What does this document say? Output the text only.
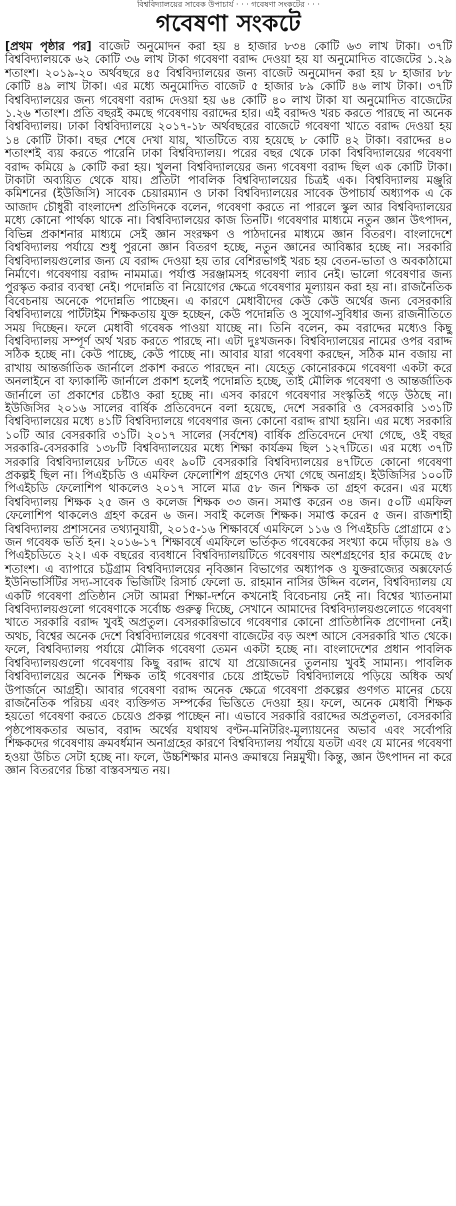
বিশ্ববিদ্যালয়ের সাবেক উপাচার্য · · · গবেষণা সংকটের · · ·
গবেষণা সংকটে

[প্রথম পৃষ্ঠার পর] বাজেট অনুমোদন করা হয় ৪ হাজার ৮৩৪ কোটি ৬৩ লাখ টাকা। ৩৭টি বিশ্ববিদ্যালয়কে ৬২ কোটি ৩৬ লাখ টাকা গবেষণা বরাদ্দ দেওয়া হয় যা অনুমোদিত বাজেটের ১.২৯ শতাংশ। ২০১৯-২০ অর্থবছরে ৪৫ বিশ্ববিদ্যালয়ের জন্য বাজেট অনুমোদন করা হয় ৮ হাজার ৮৮ কোটি ৪৯ লাখ টাকা। এর মধ্যে অনুমোদিত বাজেট ৫ হাজার ৮৯ কোটি ৪৬ লাখ টাকা। ৩৭টি বিশ্ববিদ্যালয়ের জন্য গবেষণা বরাদ্দ দেওয়া হয় ৬৪ কোটি ৪০ লাখ টাকা যা অনুমোদিত বাজেটের ১.২৬ শতাংশ। প্রতি বছরই কমছে গবেষণায় বরাদ্দের হার। এই বরাদ্দও খরচ করতে পারছে না অনেক বিশ্ববিদ্যালয়। ঢাকা বিশ্ববিদ্যালয়ে ২০১৭-১৮ অর্থবছরের বাজেটে গবেষণা খাতে বরাদ্দ দেওয়া হয় ১৪ কোটি টাকা। বছর শেষে দেখা যায়, খাতটিতে ব্যয় হয়েছে ৮ কোটি ৪২ টাকা। বরাদ্দের ৪০ শতাংশই ব্যয় করতে পারেনি ঢাকা বিশ্ববিদ্যালয়। পরের বছর থেকে ঢাকা বিশ্ববিদ্যালয়ের গবেষণা বরাদ্দ কমিয়ে ৯ কোটি করা হয়। খুলনা বিশ্ববিদ্যালয়ের জন্য গবেষণা বরাদ্দ ছিল এক কোটি টাকা। টাকাটা অব্যয়িত থেকে যায়। প্রতিটা পাবলিক বিশ্ববিদ্যালয়ের চিত্রই এক। বিশ্ববিদ্যালয় মঞ্জুরি কমিশনের (ইউজিসি) সাবেক চেয়ারম্যান ও ঢাকা বিশ্ববিদ্যালয়ের সাবেক উপাচার্য অধ্যাপক এ কে আজাদ চৌধুরী বাংলাদেশ প্রতিদিনকে বলেন, গবেষণা করতে না পারলে স্কুল আর বিশ্ববিদ্যালয়ের মধ্যে কোনো পার্থক্য থাকে না। বিশ্ববিদ্যালয়ের কাজ তিনটি। গবেষণার মাধ্যমে নতুন জ্ঞান উৎপাদন, বিভিন্ন প্রকাশনার মাধ্যমে সেই জ্ঞান সংরক্ষণ ও পাঠদানের মাধ্যমে জ্ঞান বিতরণ। বাংলাদেশে বিশ্ববিদ্যালয় পর্যায়ে শুধু পুরনো জ্ঞান বিতরণ হচ্ছে, নতুন জ্ঞানের আবিষ্কার হচ্ছে না। সরকারি বিশ্ববিদ্যালয়গুলোর জন্য যে বরাদ্দ দেওয়া হয় তার বেশিরভাগই খরচ হয় বেতন-ভাতা ও অবকাঠামো নির্মাণে। গবেষণায় বরাদ্দ নামমাত্র। পর্যাপ্ত সরঞ্জামসহ গবেষণা ল্যাব নেই। ভালো গবেষণার জন্য পুরস্কৃত করার ব্যবস্থা নেই। পদোন্নতি বা নিয়োগের ক্ষেত্রে গবেষণার মূল্যায়ন করা হয় না। রাজনৈতিক বিবেচনায় অনেকে পদোন্নতি পাচ্ছেন। এ কারণে মেধাবীদের কেউ কেউ অর্থের জন্য বেসরকারি বিশ্ববিদ্যালয়ে পার্টটাইম শিক্ষকতায় যুক্ত হচ্ছেন, কেউ পদোন্নতি ও সুযোগ-সুবিধার জন্য রাজনীতিতে সময় দিচ্ছেন। ফলে মেধাবী গবেষক পাওয়া যাচ্ছে না। তিনি বলেন, কম বরাদ্দের মধ্যেও কিছু বিশ্ববিদ্যালয় সম্পূর্ণ অর্থ খরচ করতে পারছে না। এটা দুঃখজনক। বিশ্ববিদ্যালয়ের নামের ওপর বরাদ্দ সঠিক হচ্ছে না। কেউ পাচ্ছে, কেউ পাচ্ছে না। আবার যারা গবেষণা করছেন, সঠিক মান বজায় না রাখায় আন্তর্জাতিক জার্নালে প্রকাশ করতে পারছেন না। যেহেতু কোনোরকমে গবেষণা একটা করে অনলাইনে বা ফ্যাকাল্টি জার্নালে প্রকাশ হলেই পদোন্নতি হচ্ছে, তাই মৌলিক গবেষণা ও আন্তর্জাতিক জার্নালে তা প্রকাশের চেষ্টাও করা হচ্ছে না। এসব কারণে গবেষণার সংস্কৃতিই গড়ে উঠছে না। ইউজিসির ২০১৬ সালের বার্ষিক প্রতিবেদনে বলা হয়েছে, দেশে সরকারি ও বেসরকারি ১৩১টি বিশ্ববিদ্যালয়ের মধ্যে ৪১টি বিশ্ববিদ্যালয়ে গবেষণার জন্য কোনো বরাদ্দ রাখা হয়নি। এর মধ্যে সরকারি ১০টি আর বেসরকারি ৩১টি। ২০১৭ সালের (সর্বশেষ) বার্ষিক প্রতিবেদনে দেখা গেছে, ওই বছর সরকারি-বেসরকারি ১৩৮টি বিশ্ববিদ্যালয়ের মধ্যে শিক্ষা কার্যক্রম ছিল ১২৭টিতে। এর মধ্যে ৩৭টি সরকারি বিশ্ববিদ্যালয়ের ৮টিতে এবং ৯০টি বেসরকারি বিশ্ববিদ্যালয়ের ৪৭টিতে কোনো গবেষণা প্রকল্পই ছিল না। পিএইচডি ও এমফিল ফেলোশিপ গ্রহণেও দেখা গেছে অনাগ্রহ। ইউজিসির ১০০টি পিএইচডি ফেলোশিপ থাকলেও ২০১৭ সালে মাত্র ৫৮ জন শিক্ষক তা গ্রহণ করেন। এর মধ্যে বিশ্ববিদ্যালয় শিক্ষক ২৫ জন ও কলেজ শিক্ষক ৩৩ জন। সমাপ্ত করেন ৩৪ জন। ৫০টি এমফিল ফেলোশিপ থাকলেও গ্রহণ করেন ৬ জন। সবাই কলেজ শিক্ষক। সমাপ্ত করেন ৫ জন। রাজশাহী বিশ্ববিদ্যালয় প্রশাসনের তথ্যানুযায়ী, ২০১৫-১৬ শিক্ষাবর্ষে এমফিলে ১১৬ ও পিএইচডি প্রোগ্রামে ৫১ জন গবেষক ভর্তি হন। ২০১৬-১৭ শিক্ষাবর্ষে এমফিলে ভর্তিকৃত গবেষকের সংখ্যা কমে দাঁড়ায় ৪৯ ও পিএইচডিতে ২২। এক বছরের ব্যবধানে বিশ্ববিদ্যালয়টিতে গবেষণায় অংশগ্রহণের হার কমেছে ৫৮ শতাংশ। এ ব্যাপারে চট্টগ্রাম বিশ্ববিদ্যালয়ের নৃবিজ্ঞান বিভাগের অধ্যাপক ও যুক্তরাজ্যের অক্সফোর্ড ইউনিভার্সিটির সদ্য-সাবেক ভিজিটিং রিসার্চ ফেলো ড. রাহমান নাসির উদ্দিন বলেন, বিশ্ববিদ্যালয় যে একটি গবেষণা প্রতিষ্ঠান সেটা আমরা শিক্ষা-দর্শনে কখনোই বিবেচনায় নেই না। বিশ্বের খ্যাতনামা বিশ্ববিদ্যালয়গুলো গবেষণাকে সর্বোচ্চ গুরুত্ব দিচ্ছে, সেখানে আমাদের বিশ্ববিদ্যালয়গুলোতে গবেষণা খাতে সরকারি বরাদ্দ খুবই অপ্রতুল। বেসরকারিভাবে গবেষণার কোনো প্রাতিষ্ঠানিক প্রণোদনা নেই। অথচ, বিশ্বের অনেক দেশে বিশ্ববিদ্যালয়ের গবেষণা বাজেটের বড় অংশ আসে বেসরকারি খাত থেকে। ফলে, বিশ্ববিদ্যালয় পর্যায়ে মৌলিক গবেষণা তেমন একটা হচ্ছে না। বাংলাদেশের প্রধান পাবলিক বিশ্ববিদ্যালয়গুলো গবেষণায় কিছু বরাদ্দ রাখে যা প্রয়োজনের তুলনায় খুবই সামান্য। পাবলিক বিশ্ববিদ্যালয়ের অনেক শিক্ষক তাই গবেষণার চেয়ে প্রাইভেট বিশ্ববিদ্যালয়ে পড়িয়ে অধিক অর্থ উপার্জনে আগ্রহী। আবার গবেষণা বরাদ্দ অনেক ক্ষেত্রে গবেষণা প্রকল্পের গুণগত মানের চেয়ে রাজনৈতিক পরিচয় এবং ব্যক্তিগত সম্পর্কের ভিত্তিতে দেওয়া হয়। ফলে, অনেক মেধাবী শিক্ষক হয়তো গবেষণা করতে চেয়েও প্রকল্প পাচ্ছেন না। এভাবে সরকারি বরাদ্দের অপ্রতুলতা, বেসরকারি পৃষ্ঠপোষকতার অভাব, বরাদ্দ অর্থের যথাযথ বণ্টন-মনিটরিং-মূল্যায়নের অভাব এবং সর্বোপরি শিক্ষকদের গবেষণায় ক্রমবর্ধমান অনাগ্রহের কারণে বিশ্ববিদ্যালয় পর্যায়ে যতটা এবং যে মানের গবেষণা হওয়া উচিত সেটা হচ্ছে না। ফলে, উচ্চশিক্ষার মানও ক্রমান্বয়ে নিম্নমুখী। কিন্তু, জ্ঞান উৎপাদন না করে জ্ঞান বিতরণের চিন্তা বাস্তবসম্মত নয়।
